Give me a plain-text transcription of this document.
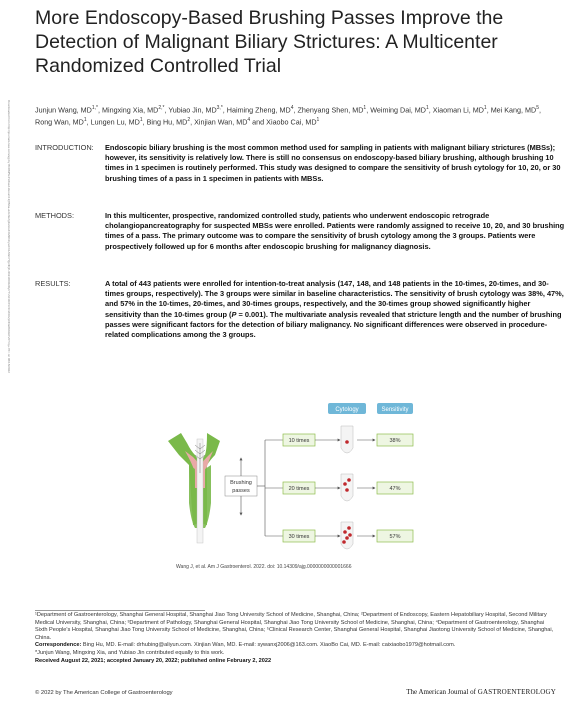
Downloaded from http://journals.lww.com/ajg by BhDMf5ePHKav1zEoum1tQfN4a+kJLhEZgbsIHo4XMi0hCywCX1AWnYQp/IlQrHD3i3D0OdRyi7TvSFl4Cf3VC4/OAVpDDa8KKGKV0Ymy+78= on 08/18/2022
More Endoscopy-Based Brushing Passes Improve the Detection of Malignant Biliary Strictures: A Multicenter Randomized Controlled Trial
Junjun Wang, $MD^{1,*}$, Mingxing Xia, $MD^{2,*}$, Yubiao Jin, $MD^{3,*}$, Haiming Zheng, $MD^4$, Zhenyang Shen, $MD^1$, Weiming Dai, $MD^1$, Xiaoman Li, $MD^1$, Mei Kang, $MD^5$, Rong Wan, $MD^1$, Lungen Lu, $MD^1$, Bing Hu, $MD^2$, Xinjian Wan, $MD^4$ and Xiaobo Cai, $MD^1$
INTRODUCTION:	Endoscopic biliary brushing is the most common method used for sampling in patients with malignant biliary strictures (MBSs); however, its sensitivity is relatively low. There is still no consensus on endoscopy-based biliary brushing, although brushing 10 times in 1 specimen is routinely performed. This study was designed to compare the sensitivity of brush cytology for 10, 20, or 30 brushing times of a pass in 1 specimen in patients with MBSs.
METHODS:	In this multicenter, prospective, randomized controlled study, patients who underwent endoscopic retrograde cholangiopancreatography for suspected MBSs were enrolled. Patients were randomly assigned to receive 10, 20, and 30 brushing times of a pass. The primary outcome was to compare the sensitivity of brush cytology among the 3 groups. Patients were prospectively followed up for 6 months after endoscopic brushing for malignancy diagnosis.
RESULTS:	A total of 443 patients were enrolled for intention-to-treat analysis (147, 148, and 148 patients in the 10-times, 20-times, and 30-times groups, respectively). The 3 groups were similar in baseline characteristics. The sensitivity of brush cytology was 38%, 47%, and 57% in the 10-times, 20-times, and 30-times groups, respectively, and the 30-times group showed significantly higher sensitivity than the 10-times group (P = 0.001). The multivariate analysis revealed that stricture length and the number of brushing passes were significant factors for the detection of biliary malignancy. No significant differences were observed in procedure-related complications among the 3 groups.
Cytology	Sensitivity
Brushing
passes
10 times	38%
20 times	47%
30 times	57%
Wang J, et al. Am J Gastroenterol. 2022. doi: 10.14309/ajg.0000000000001666
¹Department of Gastroenterology, Shanghai General Hospital, Shanghai Jiao Tong University School of Medicine, Shanghai, China; ²Department of Endoscopy, Eastern Hepatobiliary Hospital, Second Military Medical University, Shanghai, China; ³Department of Pathology, Shanghai General Hospital, Shanghai Jiao Tong University School of Medicine, Shanghai, China; ⁴Department of Gastroenterology, Shanghai Sixth People's Hospital, Shanghai Jiao Tong University School of Medicine, Shanghai, China; ⁵Clinical Research Center, Shanghai General Hospital, Shanghai Jiaotong University School of Medicine, Shanghai, China.
Correspondence: Bing Hu, MD. E-mail: drhubing@aliyun.com. Xinjian Wan, MD. E-mail: sywanxj2006@163.com. XiaoBo Cai, MD. E-mail: caixiaobo1979@hotmail.com.
*Junjun Wang, Mingxing Xia, and Yubiao Jin contributed equally to this work.
Received August 22, 2021; accepted January 20, 2022; published online February 2, 2022
© 2022 by The American College of Gastroenterology	The American Journal of GASTROENTEROLOGY
